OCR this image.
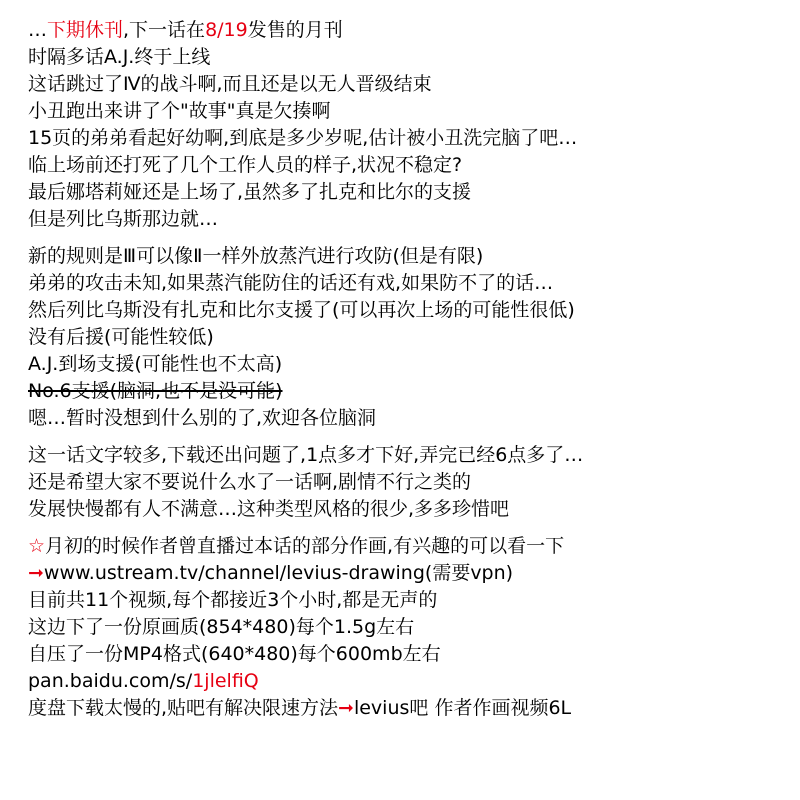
…下期休刊,下一话在8/19发售的月刊
时隔多话A.J.终于上线
这话跳过了Ⅳ的战斗啊,而且还是以无人晋级结束
小丑跑出来讲了个"故事"真是欠揍啊
15页的弟弟看起好幼啊,到底是多少岁呢,估计被小丑洗完脑了吧…
临上场前还打死了几个工作人员的样子,状况不稳定?
最后娜塔莉娅还是上场了,虽然多了扎克和比尔的支援
但是列比乌斯那边就…
新的规则是Ⅲ可以像Ⅱ一样外放蒸汽进行攻防(但是有限)
弟弟的攻击未知,如果蒸汽能防住的话还有戏,如果防不了的话…
然后列比乌斯没有扎克和比尔支援了(可以再次上场的可能性很低)
没有后援(可能性较低)
A.J.到场支援(可能性也不太高)
No.6支援(脑洞,也不是没可能)
嗯…暂时没想到什么别的了,欢迎各位脑洞
这一话文字较多,下载还出问题了,1点多才下好,弄完已经6点多了…
还是希望大家不要说什么水了一话啊,剧情不行之类的
发展快慢都有人不满意…这种类型风格的很少,多多珍惜吧
☆月初的时候作者曾直播过本话的部分作画,有兴趣的可以看一下
➞www.ustream.tv/channel/levius-drawing(需要vpn)
目前共11个视频,每个都接近3个小时,都是无声的
这边下了一份原画质(854*480)每个1.5g左右
自压了一份MP4格式(640*480)每个600mb左右
pan.baidu.com/s/1jlelfiQ
度盘下载太慢的,贴吧有解决限速方法➞levius吧 作者作画视频6L
